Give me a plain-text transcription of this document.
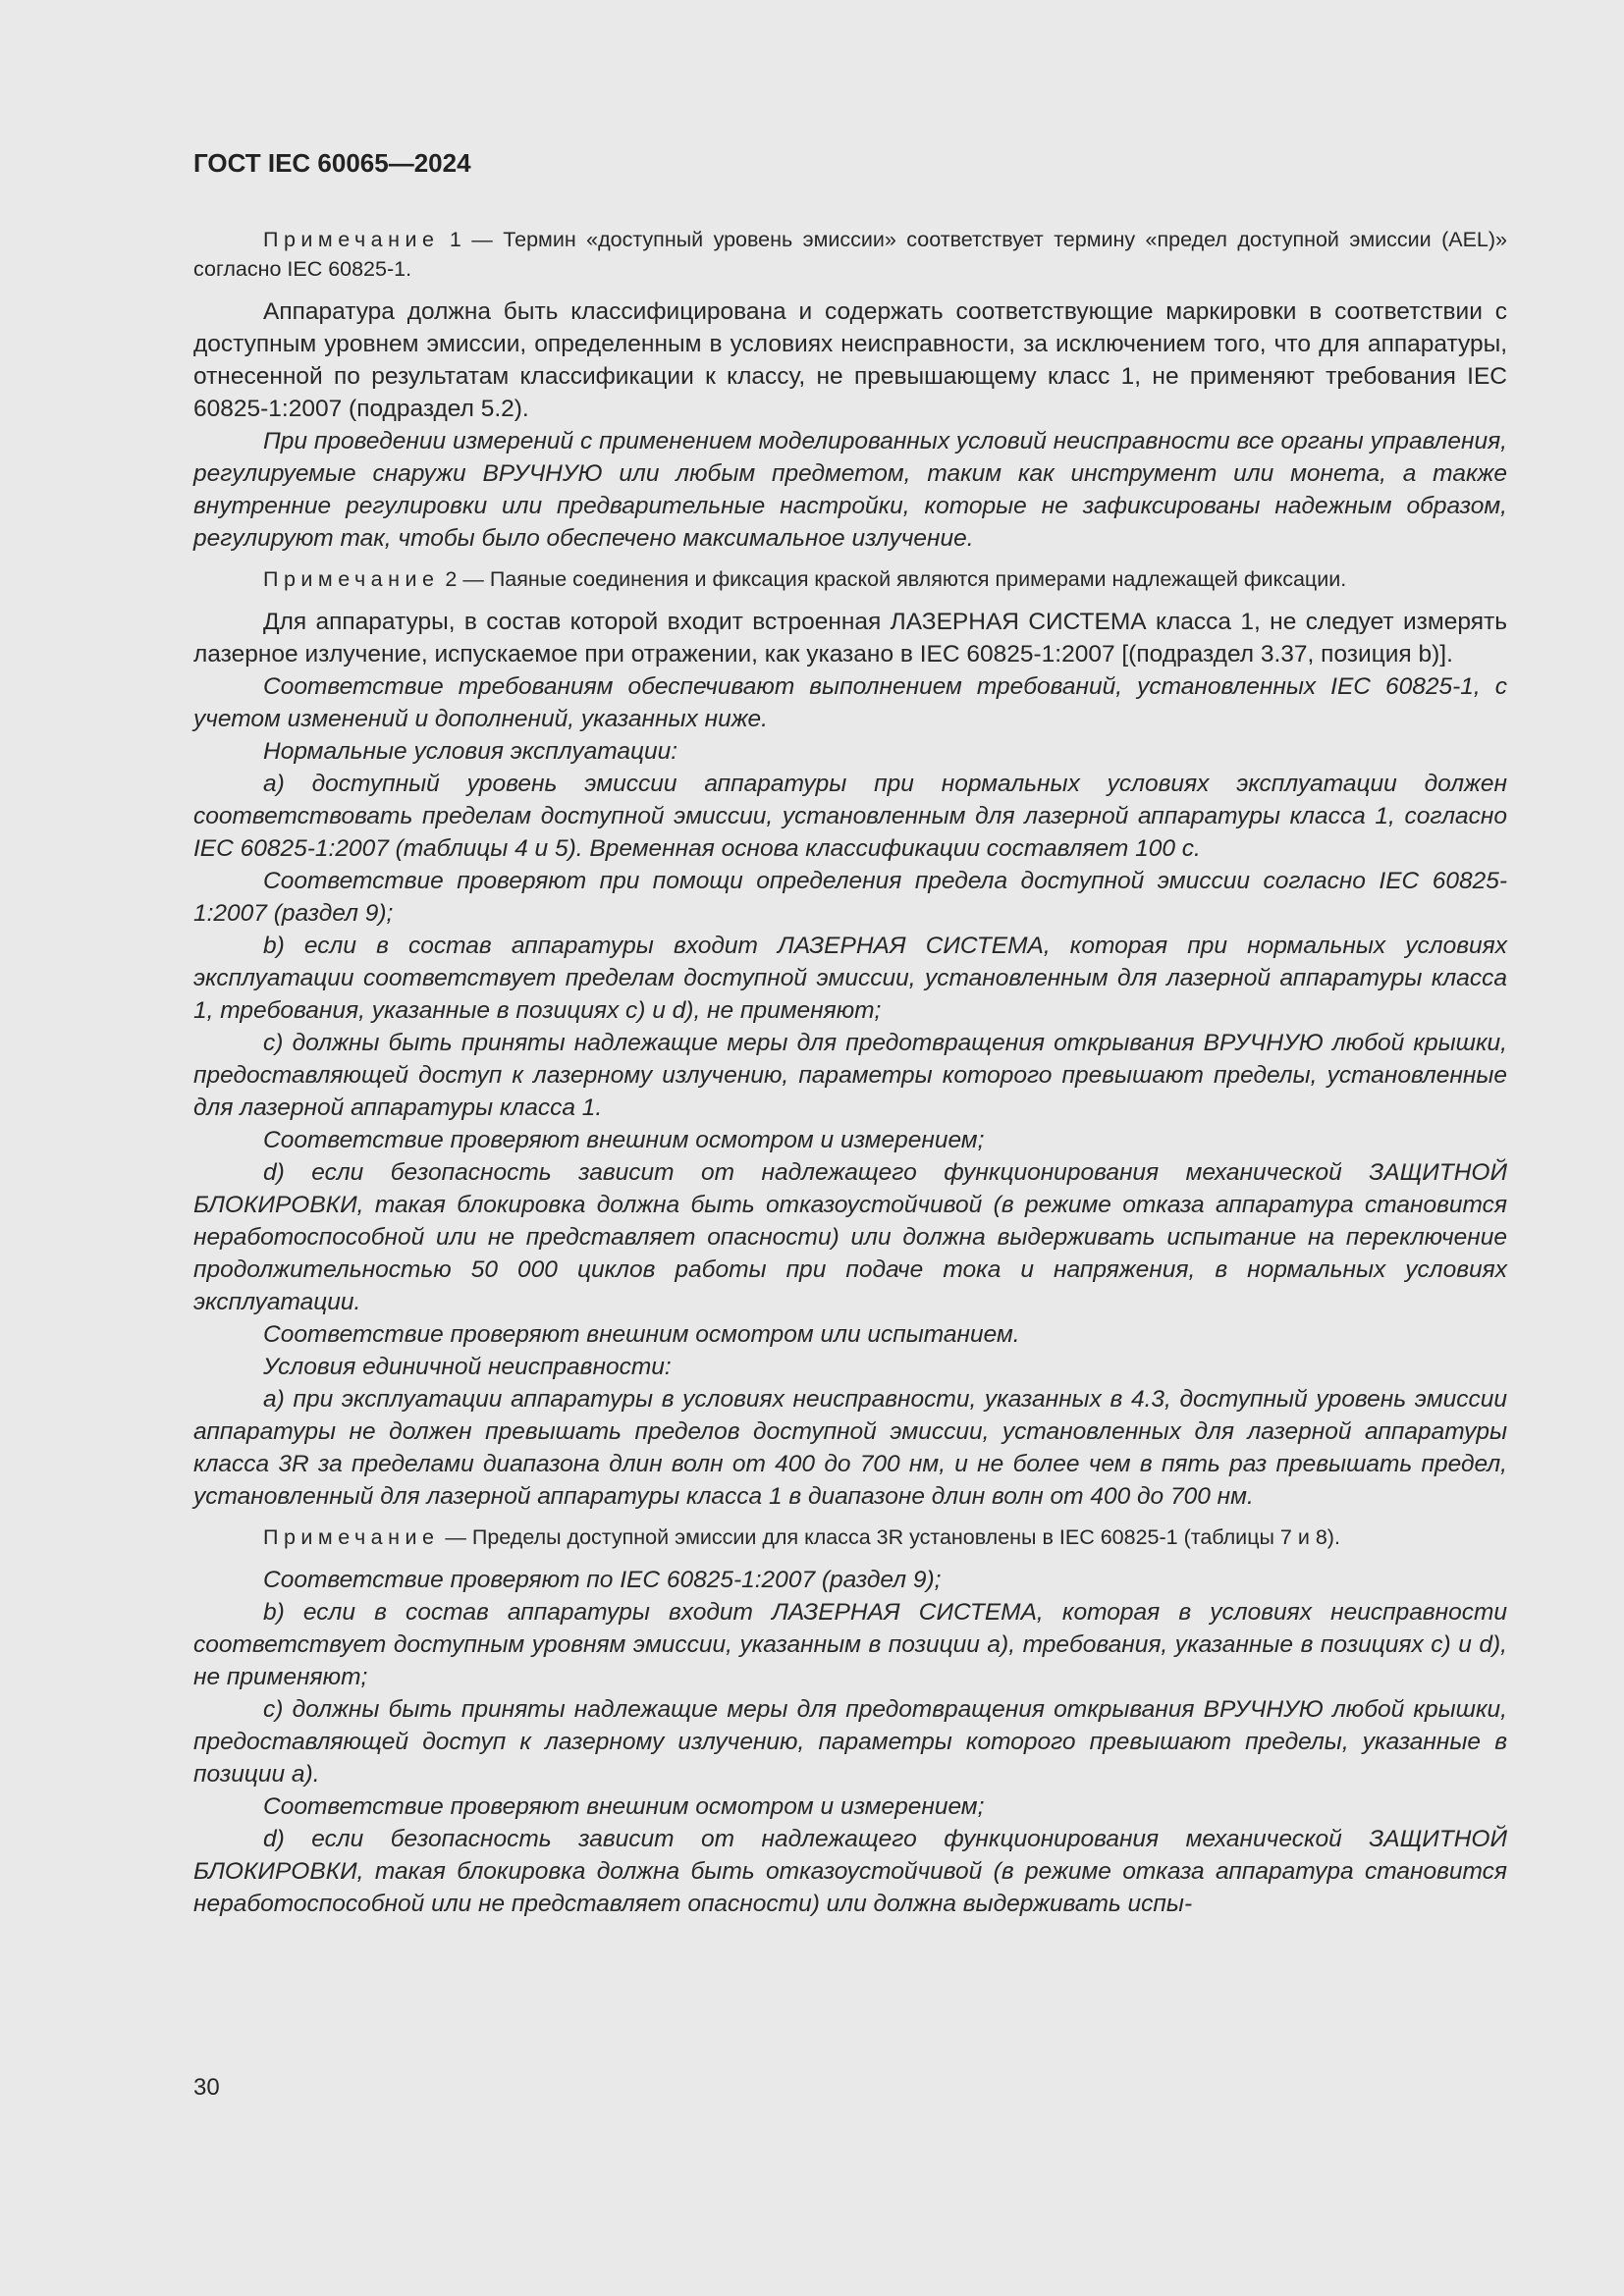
ГОСТ IEC 60065—2024

Примечание 1 — Термин «доступный уровень эмиссии» соответствует термину «предел доступной эмиссии (AEL)» согласно IEC 60825-1.

Аппаратура должна быть классифицирована и содержать соответствующие маркировки в соответствии с доступным уровнем эмиссии, определенным в условиях неисправности, за исключением того, что для аппаратуры, отнесенной по результатам классификации к классу, не превышающему класс 1, не применяют требования IEC 60825-1:2007 (подраздел 5.2).

При проведении измерений с применением моделированных условий неисправности все органы управления, регулируемые снаружи ВРУЧНУЮ или любым предметом, таким как инструмент или монета, а также внутренние регулировки или предварительные настройки, которые не зафиксированы надежным образом, регулируют так, чтобы было обеспечено максимальное излучение.

Примечание 2 — Паяные соединения и фиксация краской являются примерами надлежащей фиксации.

Для аппаратуры, в состав которой входит встроенная ЛАЗЕРНАЯ СИСТЕМА класса 1, не следует измерять лазерное излучение, испускаемое при отражении, как указано в IEC 60825-1:2007 [(подраздел 3.37, позиция b)].

Соответствие требованиям обеспечивают выполнением требований, установленных IEC 60825-1, с учетом изменений и дополнений, указанных ниже.

Нормальные условия эксплуатации:

a) доступный уровень эмиссии аппаратуры при нормальных условиях эксплуатации должен соответствовать пределам доступной эмиссии, установленным для лазерной аппаратуры класса 1, согласно IEC 60825-1:2007 (таблицы 4 и 5). Временная основа классификации составляет 100 с.

Соответствие проверяют при помощи определения предела доступной эмиссии согласно IEC 60825-1:2007 (раздел 9);

b) если в состав аппаратуры входит ЛАЗЕРНАЯ СИСТЕМА, которая при нормальных условиях эксплуатации соответствует пределам доступной эмиссии, установленным для лазерной аппаратуры класса 1, требования, указанные в позициях c) и d), не применяют;

c) должны быть приняты надлежащие меры для предотвращения открывания ВРУЧНУЮ любой крышки, предоставляющей доступ к лазерному излучению, параметры которого превышают пределы, установленные для лазерной аппаратуры класса 1.

Соответствие проверяют внешним осмотром и измерением;

d) если безопасность зависит от надлежащего функционирования механической ЗАЩИТНОЙ БЛОКИРОВКИ, такая блокировка должна быть отказоустойчивой (в режиме отказа аппаратура становится неработоспособной или не представляет опасности) или должна выдерживать испытание на переключение продолжительностью 50 000 циклов работы при подаче тока и напряжения, в нормальных условиях эксплуатации.

Соответствие проверяют внешним осмотром или испытанием.

Условия единичной неисправности:

a) при эксплуатации аппаратуры в условиях неисправности, указанных в 4.3, доступный уровень эмиссии аппаратуры не должен превышать пределов доступной эмиссии, установленных для лазерной аппаратуры класса 3R за пределами диапазона длин волн от 400 до 700 нм, и не более чем в пять раз превышать предел, установленный для лазерной аппаратуры класса 1 в диапазоне длин волн от 400 до 700 нм.

Примечание — Пределы доступной эмиссии для класса 3R установлены в IEC 60825-1 (таблицы 7 и 8).

Соответствие проверяют по IEC 60825-1:2007 (раздел 9);

b) если в состав аппаратуры входит ЛАЗЕРНАЯ СИСТЕМА, которая в условиях неисправности соответствует доступным уровням эмиссии, указанным в позиции a), требования, указанные в позициях c) и d), не применяют;

c) должны быть приняты надлежащие меры для предотвращения открывания ВРУЧНУЮ любой крышки, предоставляющей доступ к лазерному излучению, параметры которого превышают пределы, указанные в позиции a).

Соответствие проверяют внешним осмотром и измерением;

d) если безопасность зависит от надлежащего функционирования механической ЗАЩИТНОЙ БЛОКИРОВКИ, такая блокировка должна быть отказоустойчивой (в режиме отказа аппаратура становится неработоспособной или не представляет опасности) или должна выдерживать испы-

30
